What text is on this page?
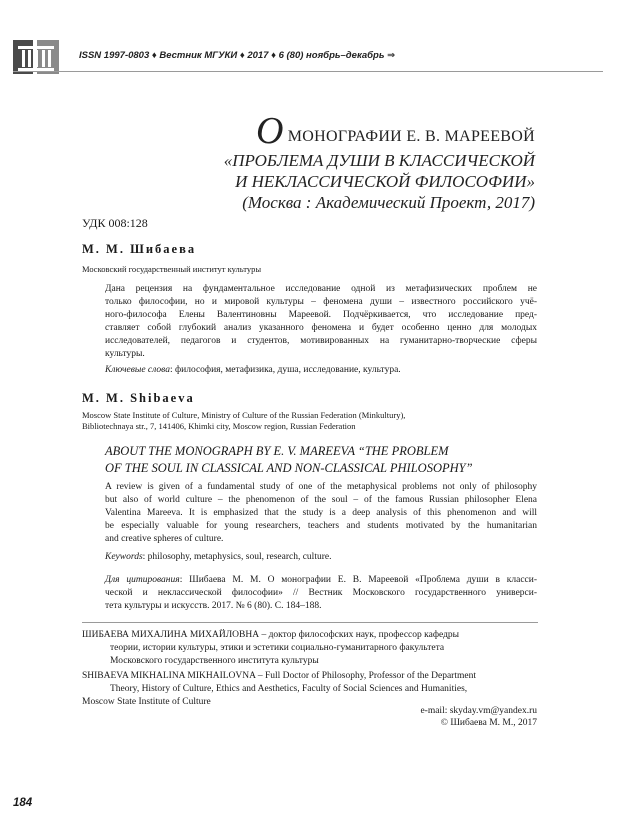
ISSN 1997-0803 ♦ Вестник МГУКИ ♦ 2017 ♦ 6 (80) ноябрь–декабрь ⇒
ОМОНОГРАФИИ Е. В. МАРЕЕВОЙ
«ПРОБЛЕМА ДУШИ В КЛАССИЧЕСКОЙ
И НЕКЛАССИЧЕСКОЙ ФИЛОСОФИИ»
(Москва : Академический Проект, 2017)
УДК 008:128
М. М. Шибаева
Московский государственный институт культуры
Дана рецензия на фундаментальное исследование одной из метафизических проблем не
только философии, но и мировой культуры – феномена души – известного российского учё-
ного-философа Елены Валентиновны Мареевой. Подчёркивается, что исследование пред-
ставляет собой глубокий анализ указанного феномена и будет особенно ценно для молодых
исследователей, педагогов и студентов, мотивированных на гуманитарно-творческие сферы
культуры.
Ключевые слова: философия, метафизика, душа, исследование, культура.
M. M. Shibaeva
Moscow State Institute of Culture, Ministry of Culture of the Russian Federation (Minkultury),
Bibliotechnaya str., 7, 141406, Khimki city, Moscow region, Russian Federation
ABOUT THE MONOGRAPH BY E. V. MAREEVA “THE PROBLEM
OF THE SOUL IN CLASSICAL AND NON-CLASSICAL PHILOSOPHY”
A review is given of a fundamental study of one of the metaphysical problems not only of philosophy
but also of world culture – the phenomenon of the soul – of the famous Russian philosopher Elena
Valentina Mareeva. It is emphasized that the study is a deep analysis of this phenomenon and will
be especially valuable for young researchers, teachers and students motivated by the humanitarian
and creative spheres of culture.
Keywords: philosophy, metaphysics, soul, research, culture.
Для цитирования: Шибаева М. М. О монографии Е. В. Мареевой «Проблема души в класси-
ческой и неклассической философии» // Вестник Московского государственного универси-
тета культуры и искусств. 2017. № 6 (80). С. 184–188.
ШИБАЕВА МИХАЛИНА МИХАЙЛОВНА – доктор философских наук, профессор кафедры
теории, истории культуры, этики и эстетики социально-гуманитарного факультета
Московского государственного института культуры
SHIBAEVA MIKHALINA MIKHAILOVNA – Full Doctor of Philosophy, Professor of the Department
Theory, History of Culture, Ethics and Aesthetics, Faculty of Social Sciences and Humanities,
Moscow State Institute of Culture
e-mail: skyday.vm@yandex.ru
© Шибаева М. М., 2017
184
